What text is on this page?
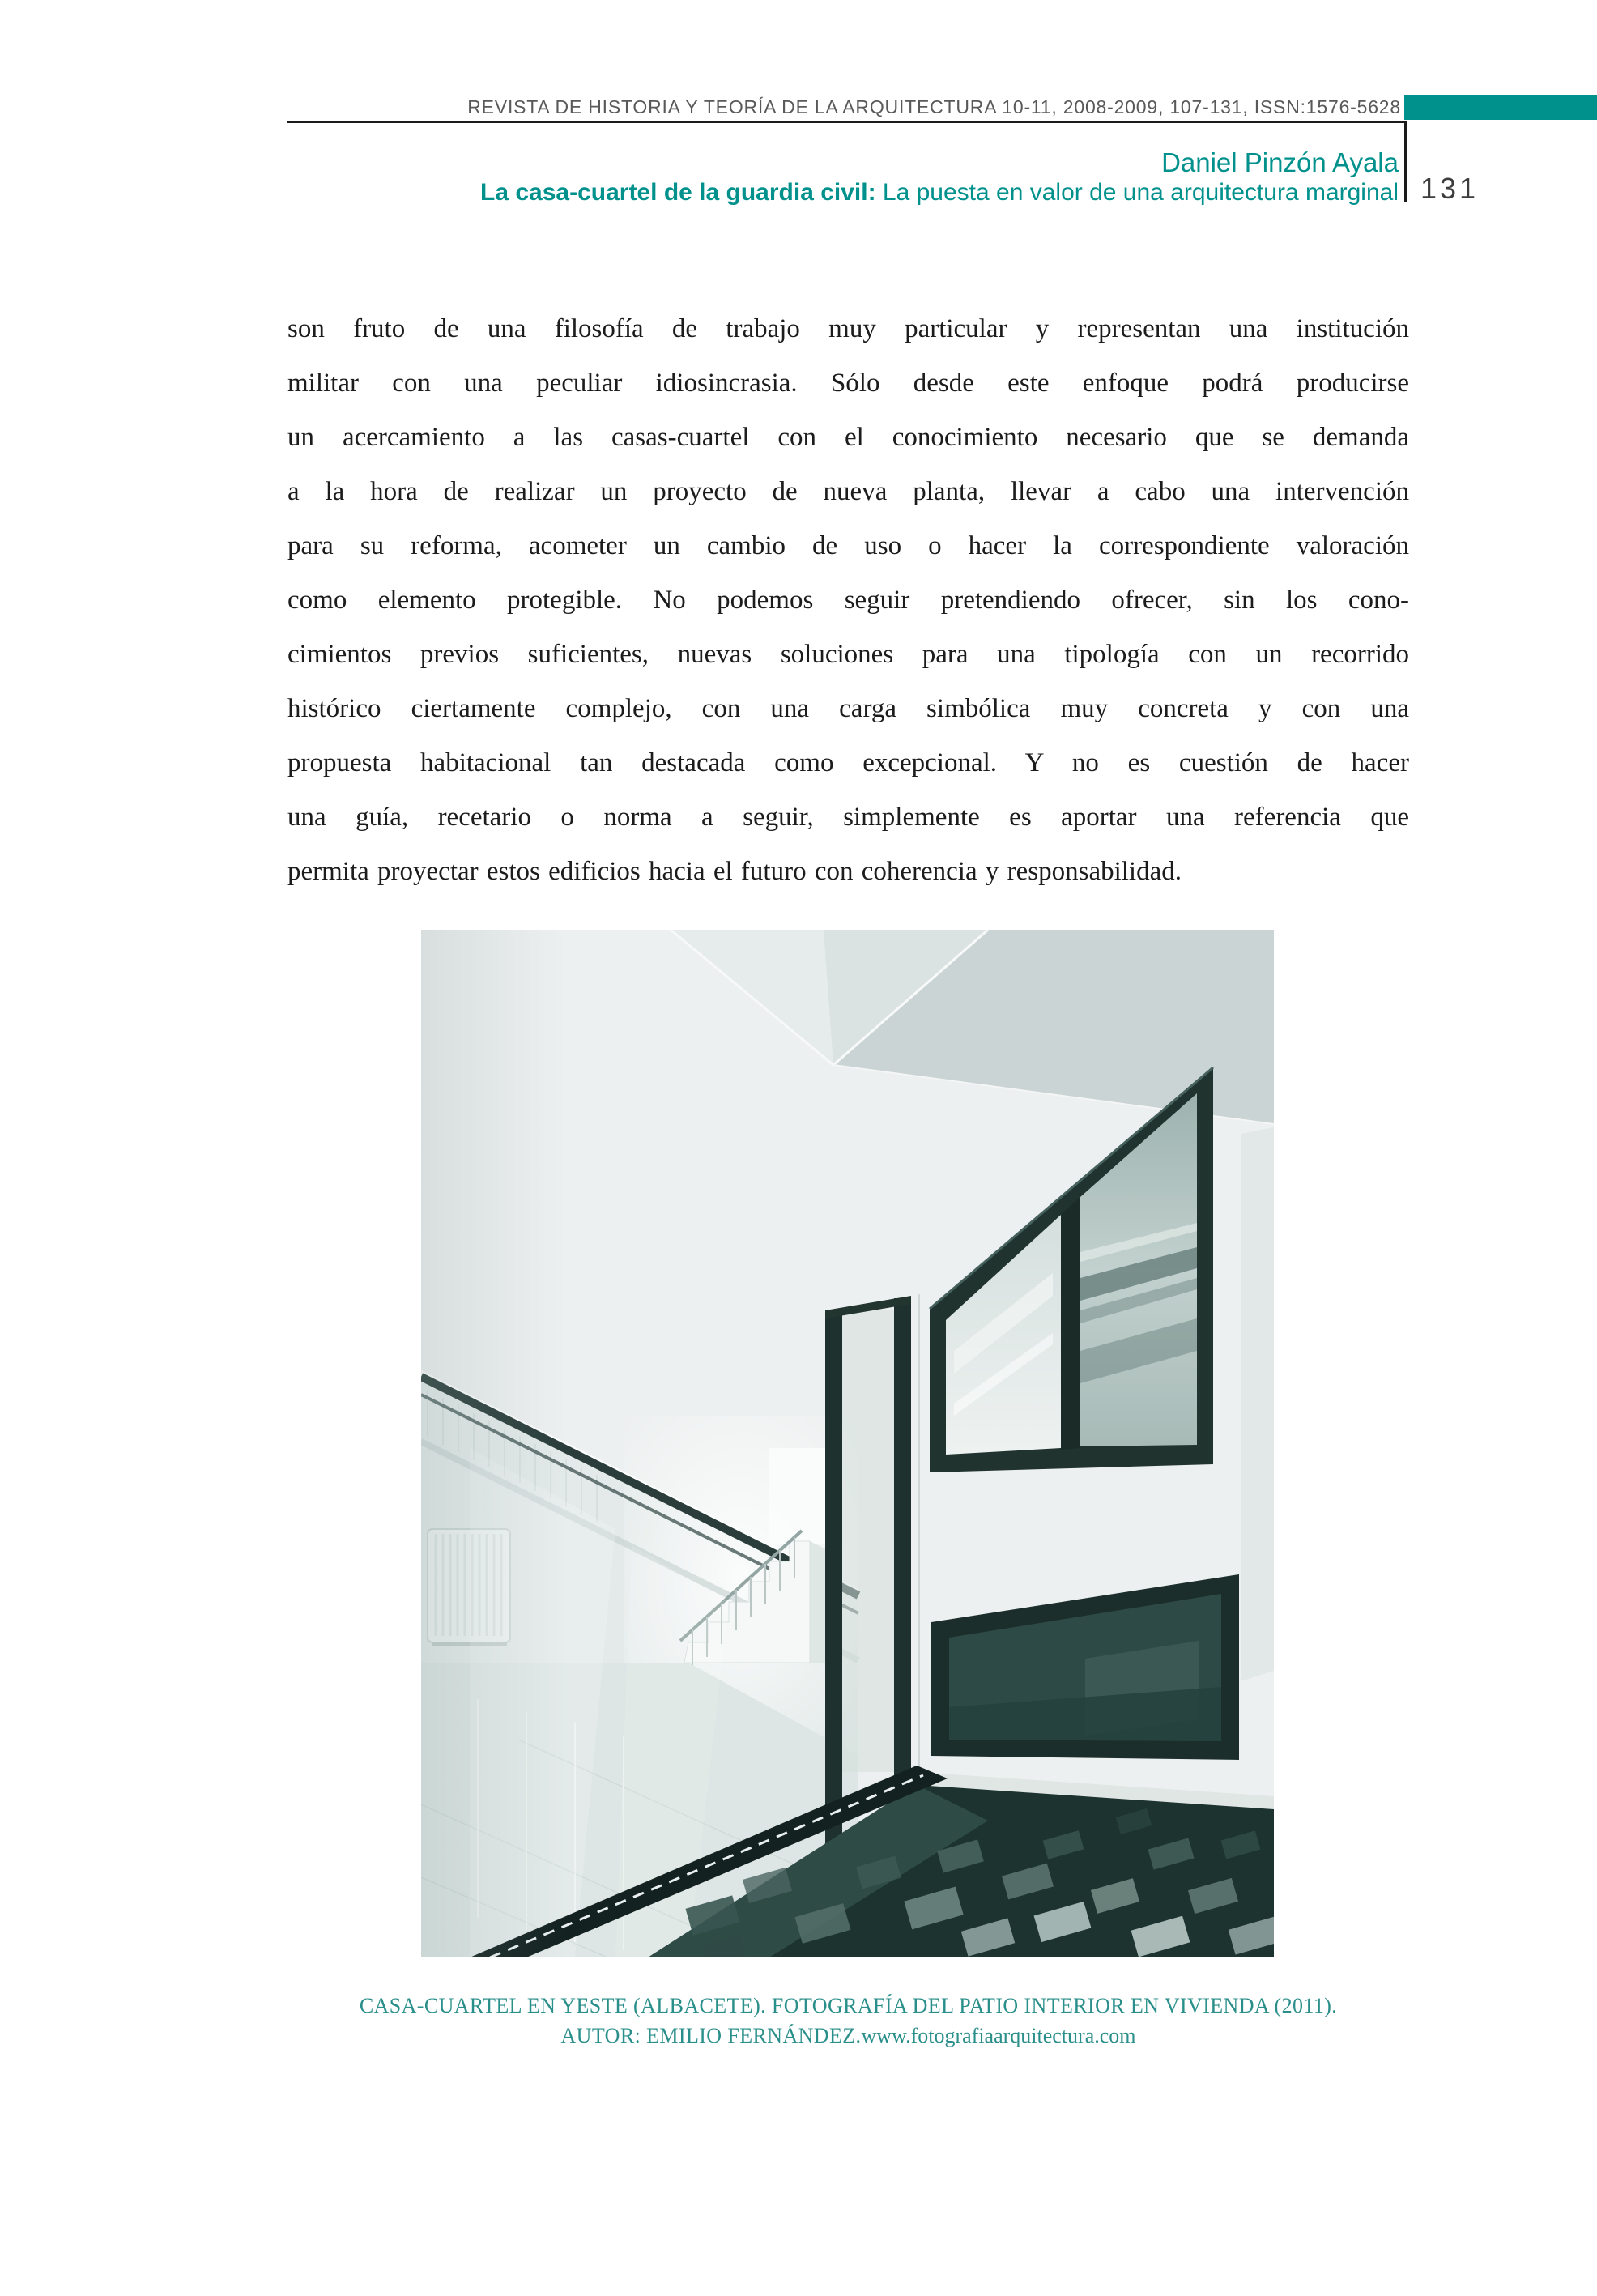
REVISTA DE HISTORIA Y TEORÍA DE LA ARQUITECTURA 10-11, 2008-2009, 107-131, ISSN:1576-5628
Daniel Pinzón Ayala
La casa-cuartel de la guardia civil: La puesta en valor de una arquitectura marginal 131
son fruto de una filosofía de trabajo muy particular y representan una institución
militar con una peculiar idiosincrasia. Sólo desde este enfoque podrá producirse
un acercamiento a las casas-cuartel con el conocimiento necesario que se demanda
a la hora de realizar un proyecto de nueva planta, llevar a cabo una intervención
para su reforma, acometer un cambio de uso o hacer la correspondiente valoración
como elemento protegible. No podemos seguir pretendiendo ofrecer, sin los cono-
cimientos previos suficientes, nuevas soluciones para una tipología con un recorrido
histórico ciertamente complejo, con una carga simbólica muy concreta y con una
propuesta habitacional tan destacada como excepcional. Y no es cuestión de hacer
una guía, recetario o norma a seguir, simplemente es aportar una referencia que
permita proyectar estos edificios hacia el futuro con coherencia y responsabilidad.
CASA-CUARTEL EN YESTE (ALBACETE). FOTOGRAFÍA DEL PATIO INTERIOR EN VIVIENDA (2011).
AUTOR: EMILIO FERNÁNDEZ.www.fotografiaarquitectura.com
